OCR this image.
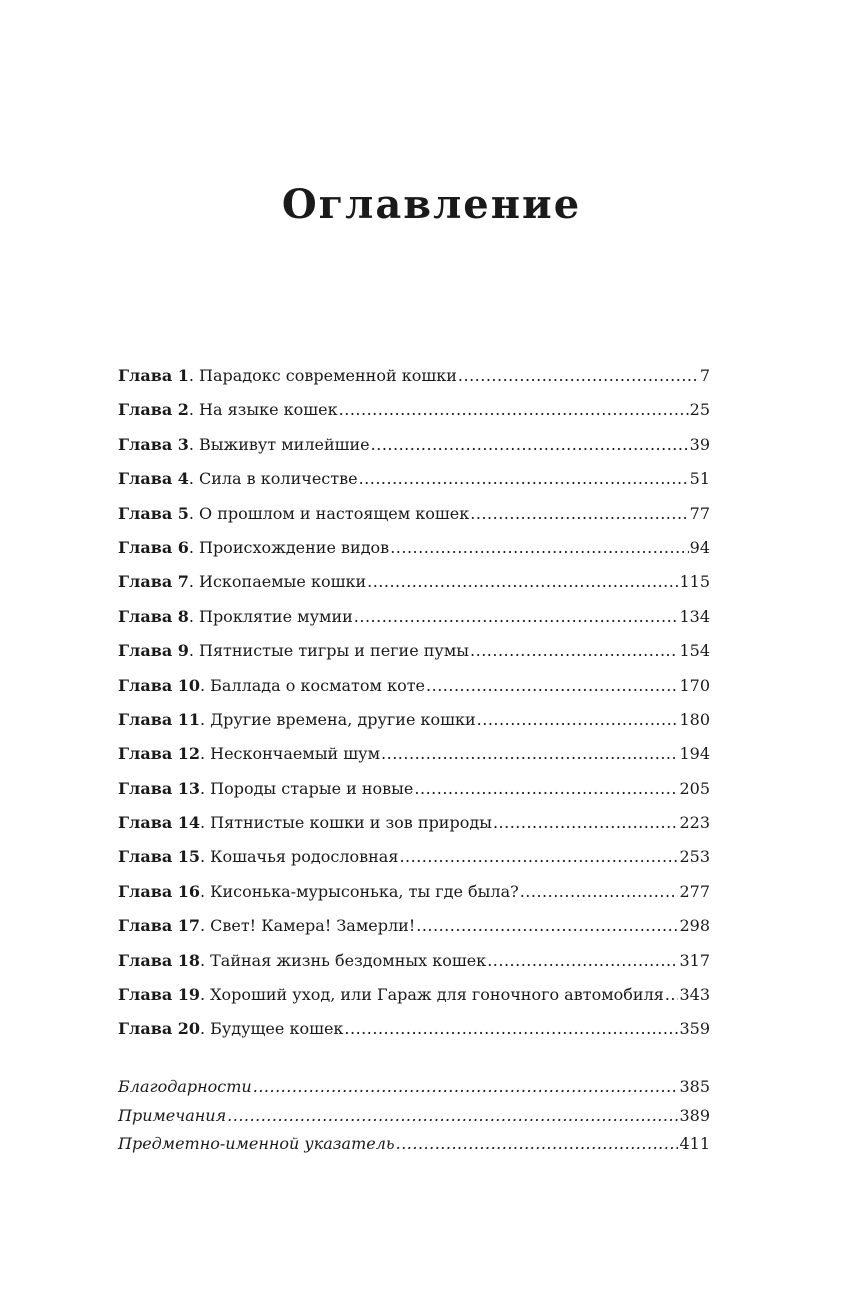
Оглавление
Глава 1 . Парадокс современной кошки .....	7
Глава 2 . На языке кошек .....	25
Глава 3 . Выживут милейшие .....	39
Глава 4 . Сила в количестве .....	51
Глава 5 . О прошлом и настоящем кошек .....	77
Глава 6 . Происхождение видов .....	94
Глава 7 . Ископаемые кошки .....	115
Глава 8 . Проклятие мумии .....	134
Глава 9 . Пятнистые тигры и пегие пумы .....	154
Глава 10 . Баллада о косматом коте .....	170
Глава 11 . Другие времена, другие кошки .....	180
Глава 12 . Нескончаемый шум .....	194
Глава 13 . Породы старые и новые .....	205
Глава 14 . Пятнистые кошки и зов природы .....	223
Глава 15 . Кошачья родословная .....	253
Глава 16 . Кисонька-мурысонька, ты где была? .....	277
Глава 17 . Свет! Камера! Замерли! .....	298
Глава 18 . Тайная жизнь бездомных кошек .....	317
Глава 19 . Хороший уход, или Гараж для гоночного автомобиля ..... 343
Глава 20 . Будущее кошек .....	359
Благодарности .....	385
Примечания .....	389
Предметно-именной указатель .....	411
